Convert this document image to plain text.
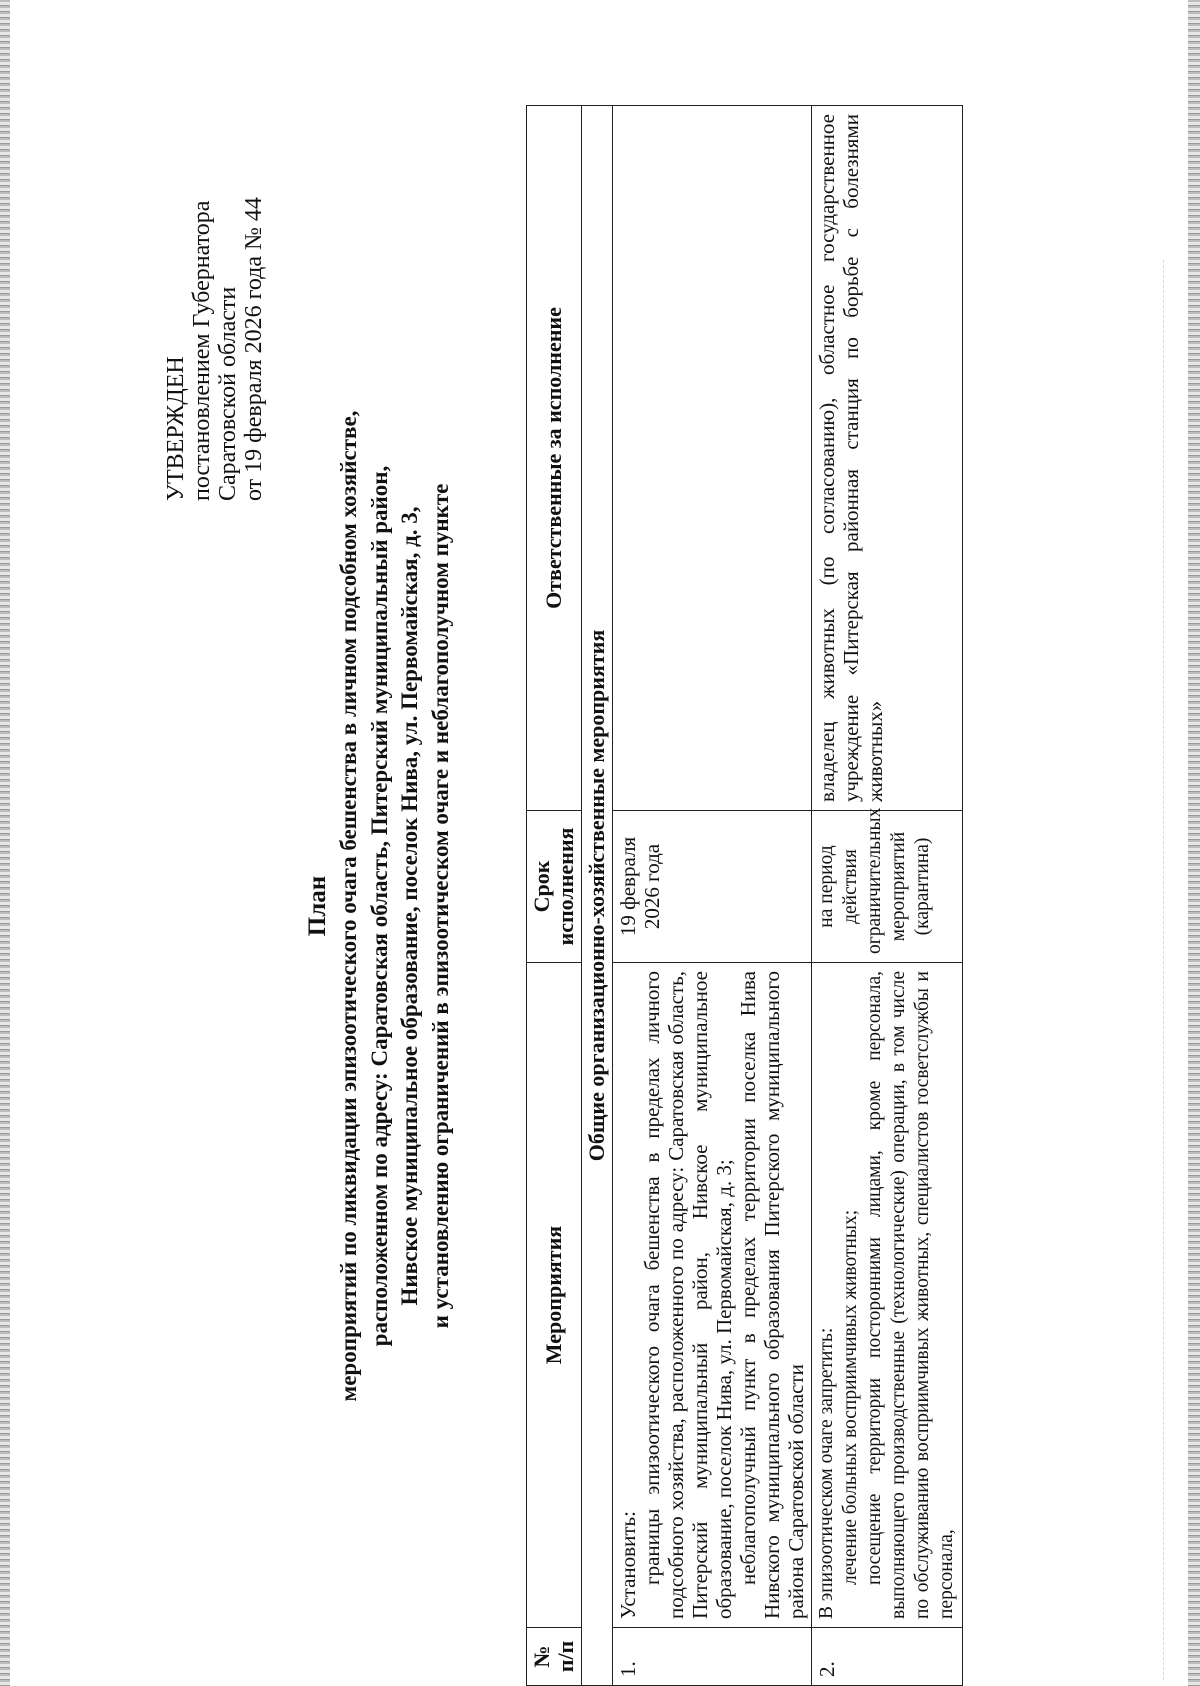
УТВЕРЖДЕН постановлением Губернатора Саратовской области от 19 февраля 2026 года № 44
План мероприятий по ликвидации эпизоотического очага бешенства в личном подсобном хозяйстве, расположенном по адресу: Саратовская область, Питерский муниципальный район, Нивское муниципальное образование, поселок Нива, ул. Первомайская, д. 3, и установлению ограничений в эпизоотическом очаге и неблагополучном пункте
№ п/п	Мероприятия	Срок исполнения	Ответственные за исполнение
Общие организационно-хозяйственные мероприятия			
1.	Установить: границы эпизоотического очага бешенства в пределах личного подсобного хозяйства, расположенного по адресу: Саратовская область, Питерский муниципальный район, Нивское муниципальное образование, поселок Нива, ул. Первомайская, д. 3; неблагополучный пункт в пределах территории поселка Нива Нивского муниципального образования Питерского муниципального района Саратовской области	19 февраля 2026 года	
2.	В эпизоотическом очаге запретить: лечение больных восприимчивых животных; посещение территории посторонними лицами, кроме персонала, выполняющего производственные (технологические) операции, в том числе по обслуживанию восприимчивых животных, специалистов госветслужбы и персонала,	на период действия ограничительных мероприятий (карантина)	владелец животных (по согласованию), областное государственное учреждение «Питерская районная станция по борьбе с болезнями животных»
